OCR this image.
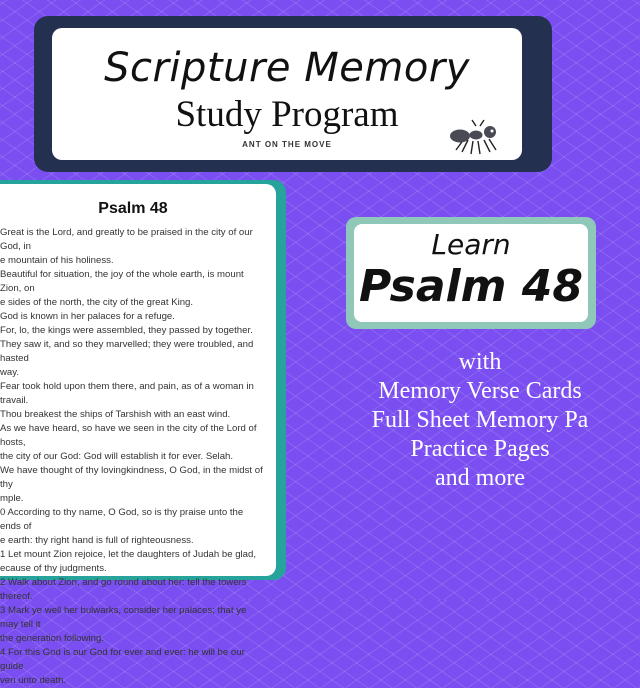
Scripture Memory
Study Program
ANT ON THE MOVE
Psalm 48
Great is the Lord, and greatly to be praised in the city of our God, in
e mountain of his holiness.
Beautiful for situation, the joy of the whole earth, is mount Zion, on
e sides of the north, the city of the great King.
God is known in her palaces for a refuge.
For, lo, the kings were assembled, they passed by together.
They saw it, and so they marvelled; they were troubled, and hasted
way.
Fear took hold upon them there, and pain, as of a woman in travail.
Thou breakest the ships of Tarshish with an east wind.
As we have heard, so have we seen in the city of the Lord of hosts,
the city of our God: God will establish it for ever. Selah.
We have thought of thy lovingkindness, O God, in the midst of thy
mple.
0 According to thy name, O God, so is thy praise unto the ends of
e earth: thy right hand is full of righteousness.
1 Let mount Zion rejoice, let the daughters of Judah be glad,
ecause of thy judgments.
2 Walk about Zion, and go round about her: tell the towers thereof.
3 Mark ye well her bulwarks, consider her palaces; that ye may tell it
the generation following.
4 For this God is our God for ever and ever: he will be our guide
ven unto death.
Learn
Psalm 48
with
Memory Verse Cards
Full Sheet Memory Pa
Practice Pages
and more
